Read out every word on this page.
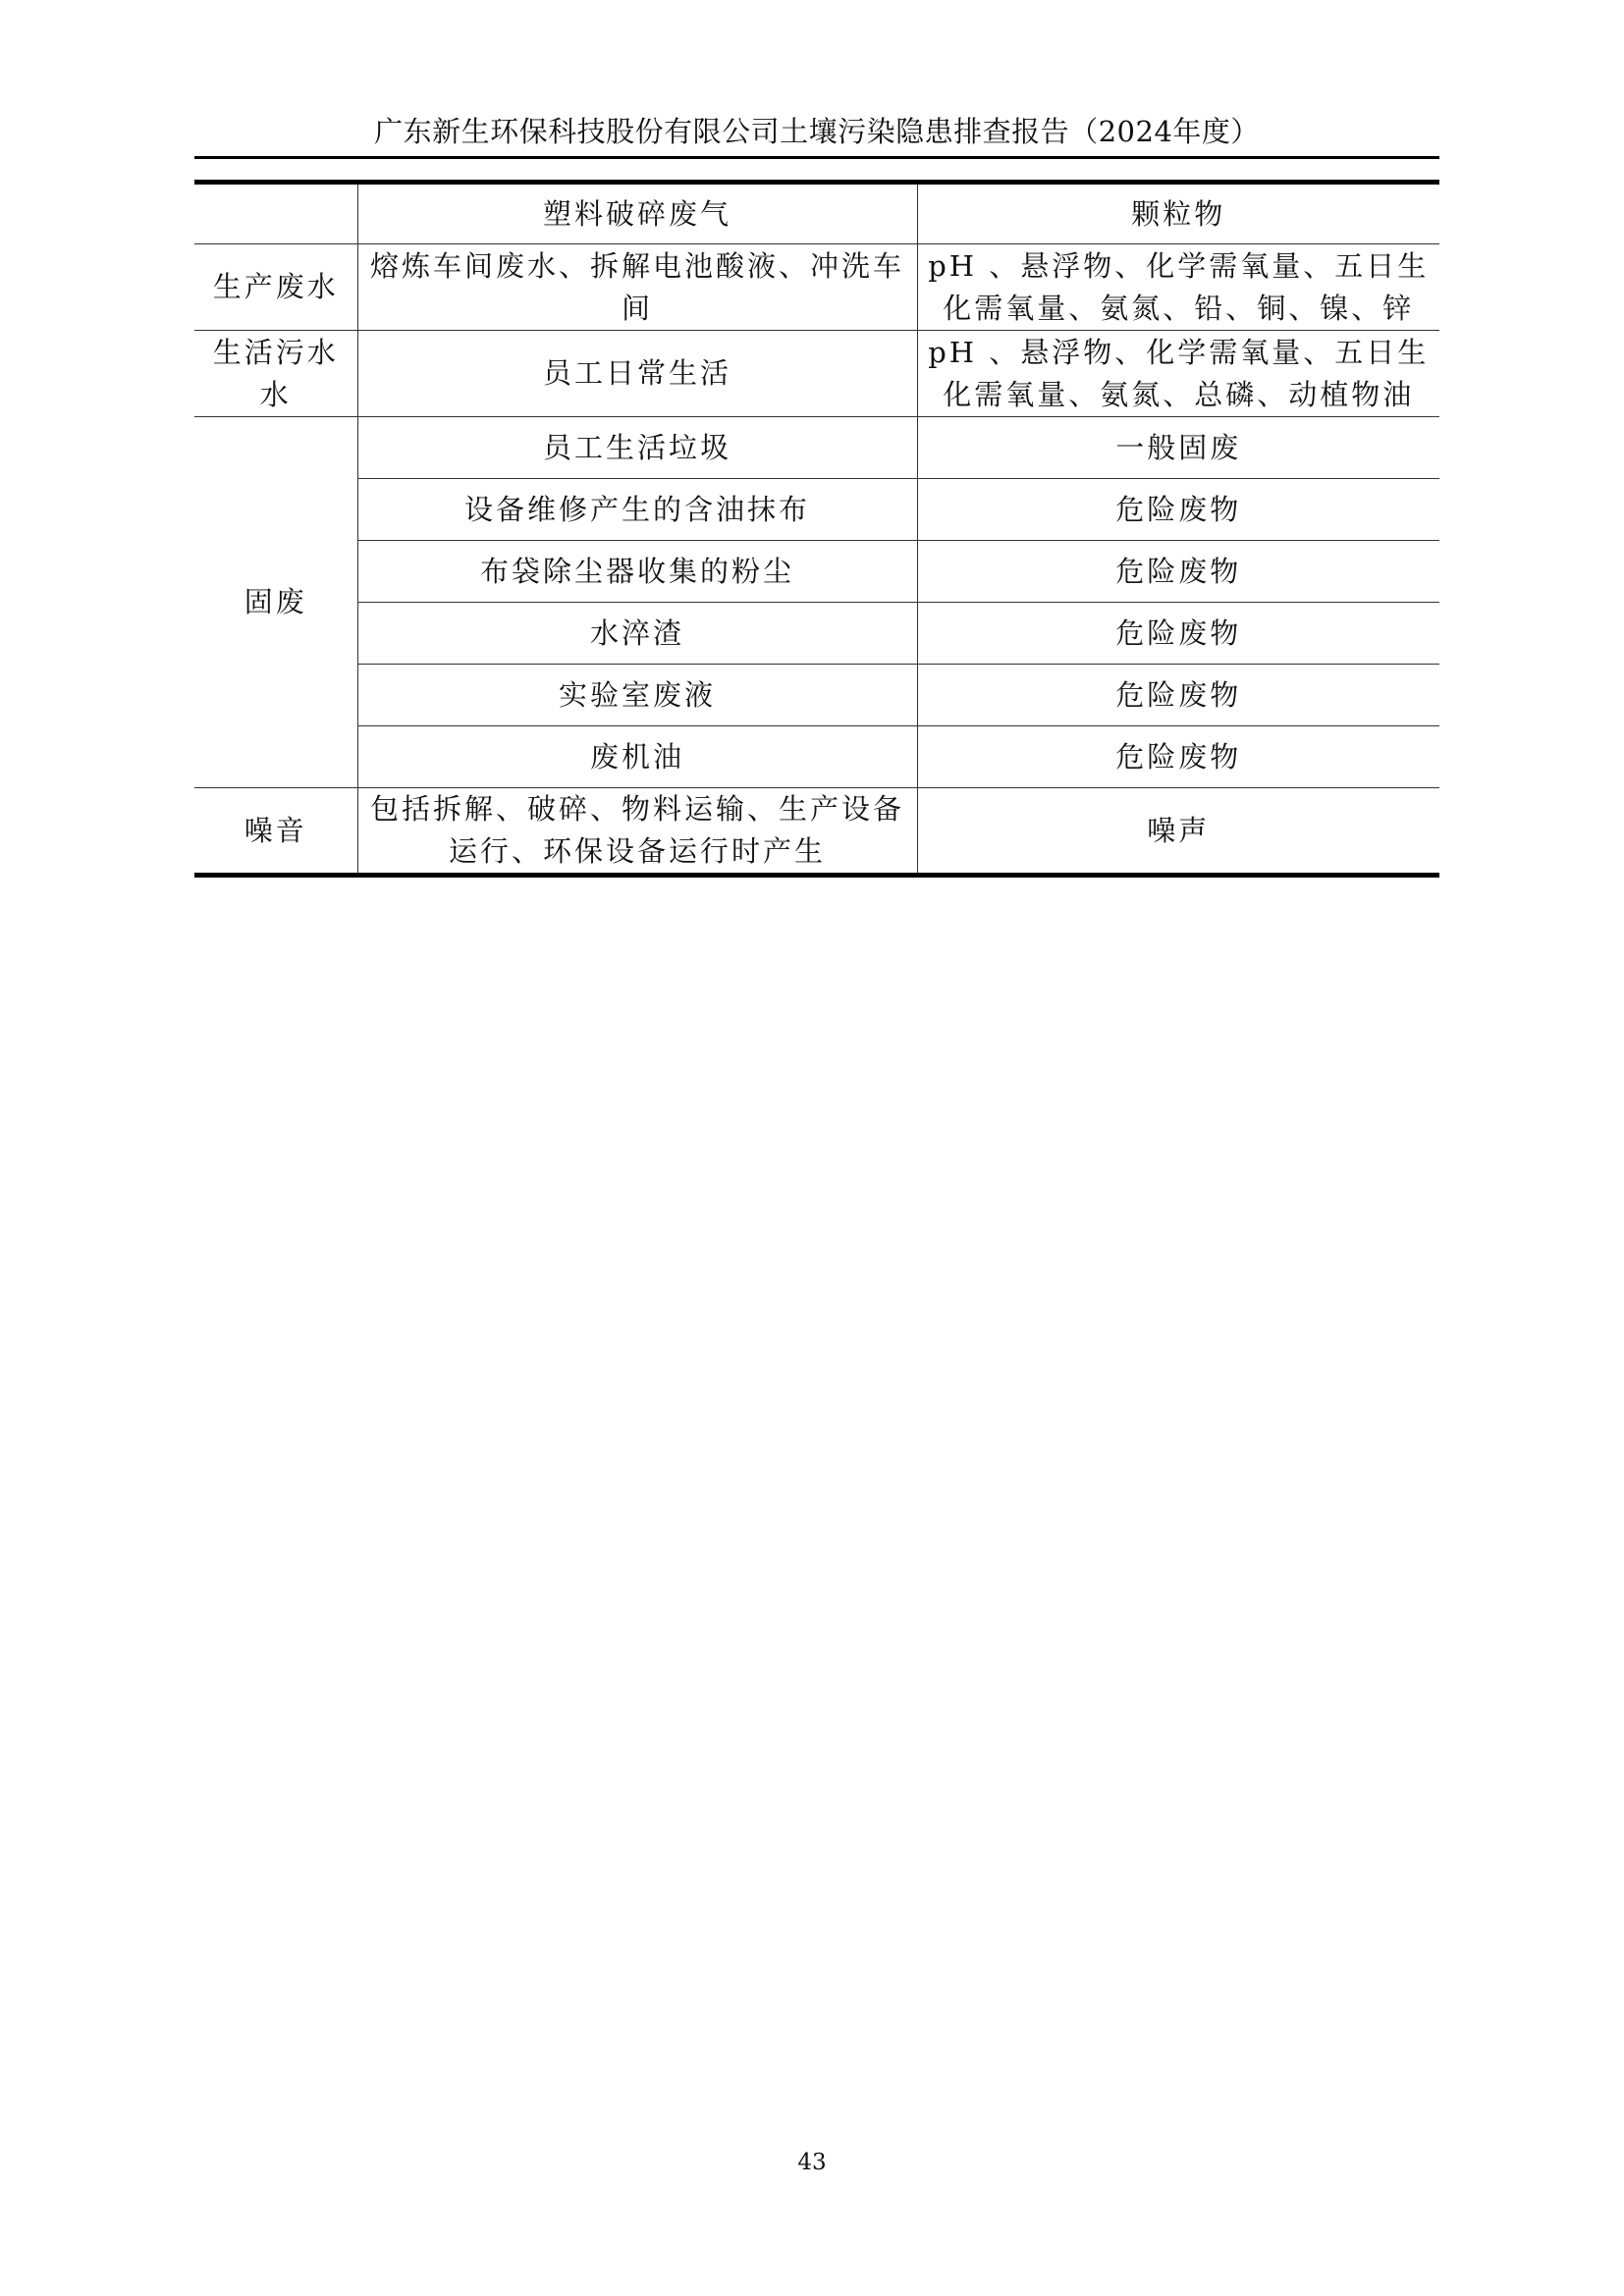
广东新生环保科技股份有限公司土壤污染隐患排查报告（2024年度）
	塑料破碎废气	颗粒物
生产废水	熔炼车间废水、拆解电池酸液、冲洗车间	pH 、悬浮物、化学需氧量、五日生化需氧量、氨氮、铅、铜、镍、锌
生活污水水	员工日常生活	pH 、悬浮物、化学需氧量、五日生化需氧量、氨氮、总磷、动植物油
固废	员工生活垃圾	一般固废
	设备维修产生的含油抹布	危险废物
	布袋除尘器收集的粉尘	危险废物
	水淬渣	危险废物
	实验室废液	危险废物
	废机油	危险废物
噪音	包括拆解、破碎、物料运输、生产设备运行、环保设备运行时产生	噪声
43
